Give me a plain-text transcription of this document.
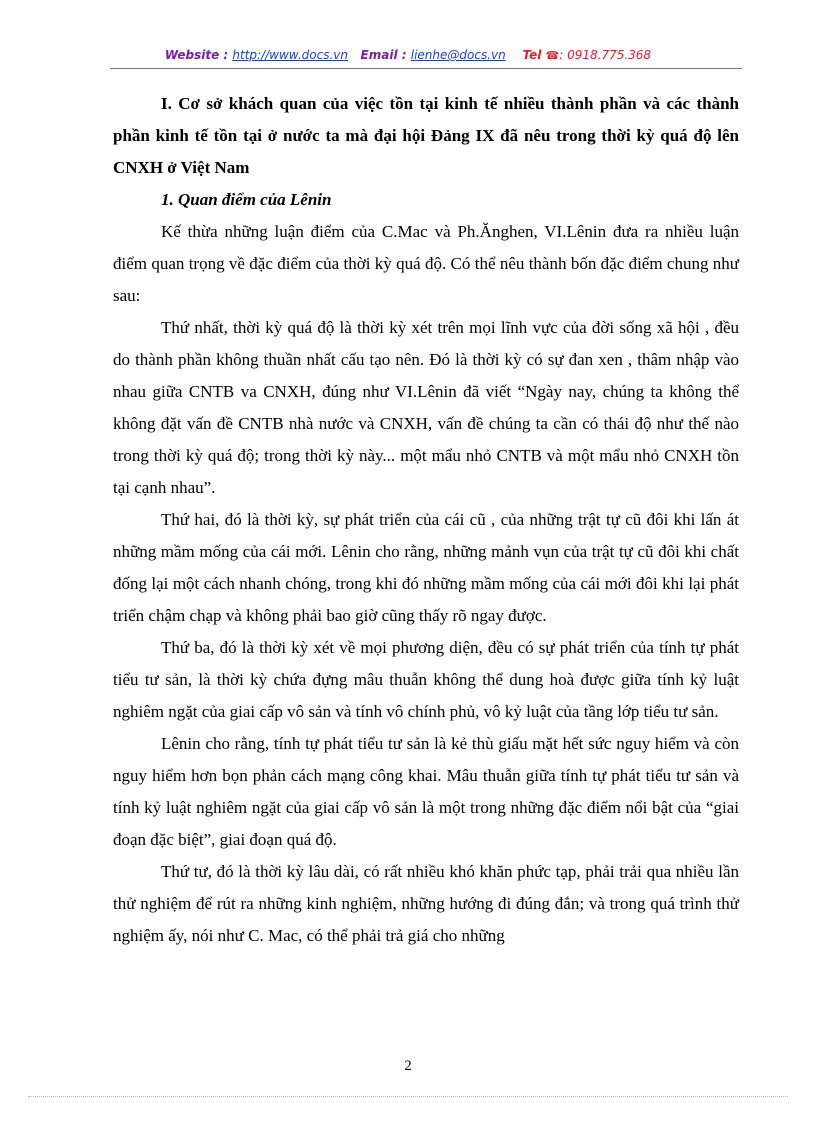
Website : http://www.docs.vn Email : lienhe@docs.vn Tel ☎: 0918.775.368

I. Cơ sở khách quan của việc tồn tại kinh tế nhiều thành phần và các thành phần kinh tế tồn tại ở nước ta mà đại hội Đảng IX đã nêu trong thời kỳ quá độ lên CNXH ở Việt Nam

1. Quan điểm của Lênin

Kế thừa những luận điểm của C.Mac và Ph.Ănghen, VI.Lênin đưa ra nhiều luận điểm quan trọng về đặc điểm của thời kỳ quá độ. Có thể nêu thành bốn đặc điểm chung như sau:

Thứ nhất, thời kỳ quá độ là thời kỳ xét trên mọi lĩnh vực của đời sống xã hội , đều do thành phần không thuần nhất cấu tạo nên. Đó là thời kỳ có sự đan xen , thâm nhập vào nhau giữa CNTB va CNXH, đúng như VI.Lênin đã viết “Ngày nay, chúng ta không thể không đặt vấn đề CNTB nhà nước và CNXH, vấn đề chúng ta cần có thái độ như thế nào trong thời kỳ quá độ; trong thời kỳ này... một mẩu nhỏ CNTB và một mẩu nhỏ CNXH tồn tại cạnh nhau”.

Thứ hai, đó là thời kỳ, sự phát triển của cái cũ , của những trật tự cũ đôi khi lấn át những mầm mống của cái mới. Lênin cho rằng, những mảnh vụn của trật tự cũ đôi khi chất đống lại một cách nhanh chóng, trong khi đó những mầm mống của cái mới đôi khi lại phát triển chậm chạp và không phải bao giờ cũng thấy rõ ngay được.

Thứ ba, đó là thời kỳ xét về mọi phương diện, đều có sự phát triển của tính tự phát tiểu tư sản, là thời kỳ chứa đựng mâu thuẫn không thể dung hoà được giữa tính kỷ luật nghiêm ngặt của giai cấp vô sản và tính vô chính phủ, vô kỷ luật của tầng lớp tiểu tư sản.

Lênin cho rằng, tính tự phát tiểu tư sản là kẻ thù giấu mặt hết sức nguy hiểm và còn nguy hiểm hơn bọn phản cách mạng công khai. Mâu thuẫn giữa tính tự phát tiểu tư sản và tính kỷ luật nghiêm ngặt của giai cấp vô sản là một trong những đặc điểm nổi bật của “giai đoạn đặc biệt”, giai đoạn quá độ.

Thứ tư, đó là thời kỳ lâu dài, có rất nhiều khó khăn phức tạp, phải trải qua nhiều lần thử nghiệm để rút ra những kinh nghiệm, những hướng đi đúng đắn; và trong quá trình thử nghiệm ấy, nói như C. Mac, có thể phải trả giá cho những

2
